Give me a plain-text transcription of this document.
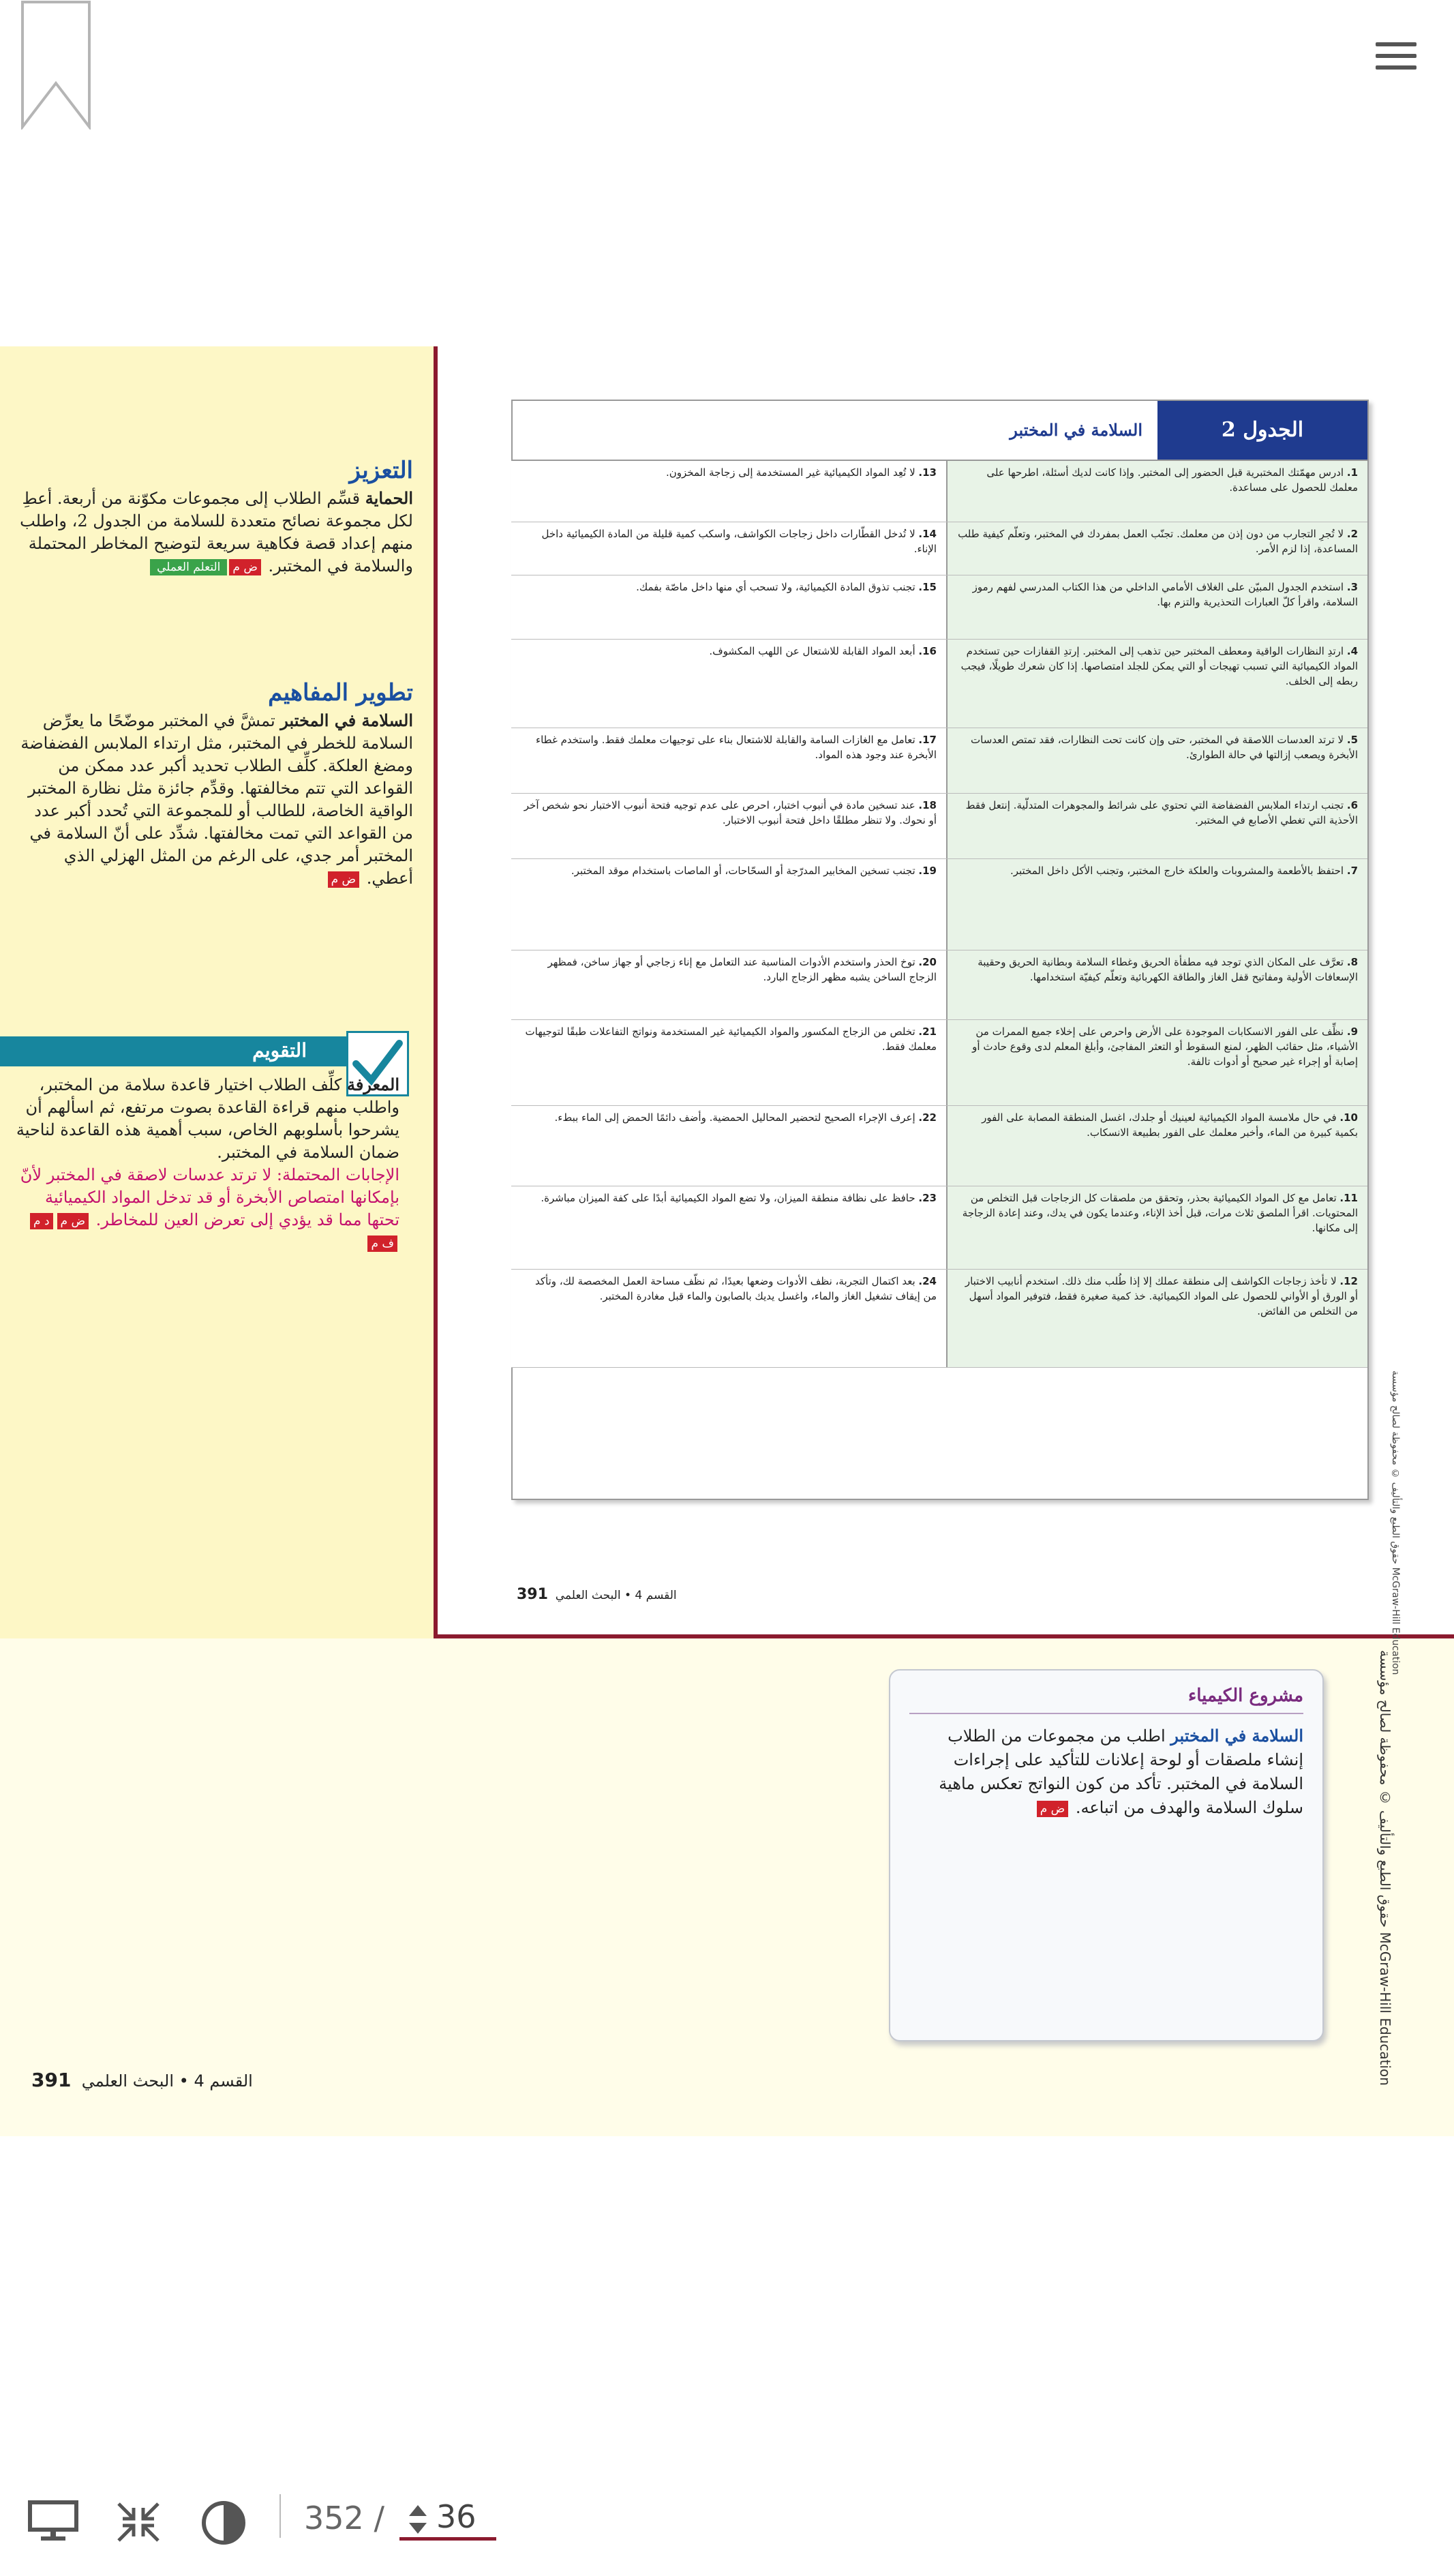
التعزيز

الحماية قسِّم الطلاب إلى مجموعات مكوّنة من أربعة. أعطِ لكل مجموعة نصائح متعددة للسلامة من الجدول 2، واطلب منهم إعداد قصة فكاهية سريعة لتوضيح المخاطر المحتملة والسلامة في المختبر. ض مالتعلم العملي

تطوير المفاهيم

السلامة في المختبر تمشَّ في المختبر موضّحًا ما يعرِّض السلامة للخطر في المختبر، مثل ارتداء الملابس الفضفاضة ومضغ العلكة. كلِّف الطلاب تحديد أكبر عدد ممكن من القواعد التي تتم مخالفتها. وقدِّم جائزة مثل نظارة المختبر الواقية الخاصة، للطالب أو للمجموعة التي تُحدد أكبر عدد من القواعد التي تمت مخالفتها. شدِّد على أنّ السلامة في المختبر أمر جدي، على الرغم من المثل الهزلي الذي أعطي. ض م

التقويم

المعرفة كلِّف الطلاب اختيار قاعدة سلامة من المختبر، واطلب منهم قراءة القاعدة بصوت مرتفع، ثم اسألهم أن يشرحوا بأسلوبهم الخاص، سبب أهمية هذه القاعدة لناحية ضمان السلامة في المختبر.

الإجابات المحتملة: لا ترتد عدسات لاصقة في المختبر لأنّ بإمكانها امتصاص الأبخرة أو قد تدخل المواد الكيميائية تحتها مما قد يؤدي إلى تعرض العين للمخاطر. ض مد مف م

القسم 4 • البحث العلمي  391
القسم 4 • البحث العلمي  391
الجدول 2
السلامة في المختبر
1. ادرس مهمّتك المختبرية قبل الحضور إلى المختبر. وإذا كانت لديك أسئلة، اطرحها على معلمك للحصول على مساعدة.
13. لا تُعِد المواد الكيميائية غير المستخدمة إلى زجاجة المخزون.
2. لا تُجرِ التجارب من دون إذن من معلمك. تجنّب العمل بمفردك في المختبر، وتعلّم كيفية طلب المساعدة، إذا لزم الأمر.
14. لا تُدخل القطّارات داخل زجاجات الكواشف، واسكب كمية قليلة من المادة الكيميائية داخل الإناء.
3. استخدم الجدول المبيّن على الغلاف الأمامي الداخلي من هذا الكتاب المدرسي لفهم رموز السلامة، واقرأ كلّ العبارات التحذيرية والتزم بها.
15. تجنب تذوق المادة الكيميائية، ولا تسحب أي منها داخل ماصّة بفمك.
4. ارتدِ النظارات الواقية ومعطف المختبر حين تذهب إلى المختبر. إرتدِ القفازات حين تستخدم المواد الكيميائية التي تسبب تهيجات أو التي يمكن للجلد امتصاصها. إذا كان شعرك طويلًا، فيجب ربطه إلى الخلف.
16. أبعد المواد القابلة للاشتعال عن اللهب المكشوف.
5. لا ترتد العدسات اللاصقة في المختبر، حتى وإن كانت تحت النظارات، فقد تمتص العدسات الأبخرة ويصعب إزالتها في حالة الطوارئ.
17. تعامل مع الغازات السامة والقابلة للاشتعال بناء على توجيهات معلمك فقط. واستخدم غطاء الأبخرة عند وجود هذه المواد.
6. تجنب ارتداء الملابس الفضفاضة التي تحتوي على شرائط والمجوهرات المتدلّية. إنتعل فقط الأحذية التي تغطي الأصابع في المختبر.
18. عند تسخين مادة في أنبوب اختبار، احرص على عدم توجيه فتحة أنبوب الاختبار نحو شخص آخر أو نحوك. ولا تنظر مطلقًا داخل فتحة أنبوب الاختبار.
7. احتفظ بالأطعمة والمشروبات والعلكة خارج المختبر، وتجنب الأكل داخل المختبر.
19. تجنب تسخين المخابير المدرّجة أو السحّاحات، أو الماصات باستخدام موقد المختبر.
8. تعرَّف على المكان الذي توجد فيه مطفأة الحريق وغطاء السلامة وبطانية الحريق وحقيبة الإسعافات الأولية ومفاتيح قفل الغاز والطاقة الكهربائية وتعلّم كيفيّة استخدامها.
20. توخ الحذر واستخدم الأدوات المناسبة عند التعامل مع إناء زجاجي أو جهاز ساخن، فمظهر الزجاج الساخن يشبه مظهر الزجاج البارد.
9. نظِّف على الفور الانسكابات الموجودة على الأرض واحرص على إخلاء جميع الممرات من الأشياء، مثل حقائب الظهر، لمنع السقوط أو التعثر المفاجئ، وأبلغ المعلم لدى وقوع حادث أو إصابة أو إجراء غير صحيح أو أدوات تالفة.
21. تخلص من الزجاج المكسور والمواد الكيميائية غير المستخدمة ونواتج التفاعلات طبقًا لتوجيهات معلمك فقط.
10. في حال ملامسة المواد الكيميائية لعينيك أو جلدك، اغسل المنطقة المصابة على الفور بكمية كبيرة من الماء، وأخبر معلمك على الفور بطبيعة الانسكاب.
22. إعرف الإجراء الصحيح لتحضير المحاليل الحمضية. وأضف دائمًا الحمض إلى الماء ببطء.
11. تعامل مع كل المواد الكيميائية بحذر، وتحقق من ملصقات كل الزجاجات قبل التخلص من المحتويات. اقرأ الملصق ثلاث مرات، قبل أخذ الإناء، وعندما يكون في يدك، وعند إعادة الزجاجة إلى مكانها.
23. حافظ على نظافة منطقة الميزان، ولا تضع المواد الكيميائية أبدًا على كفة الميزان مباشرة.
12. لا تأخذ زجاجات الكواشف إلى منطقة عملك إلا إذا طُلب منك ذلك. استخدم أنابيب الاختبار أو الورق أو الأواني للحصول على المواد الكيميائية. خذ كمية صغيرة فقط، فتوفير المواد أسهل من التخلص من الفائض.
24. بعد اكتمال التجربة، نظف الأدوات وضعها بعيدًا، ثم نظّف مساحة العمل المخصصة لك، وتأكد من إيقاف تشغيل الغاز والماء، واغسل يديك بالصابون والماء قبل مغادرة المختبر.
حقوق الطبع والتأليف © محفوظة لصالح مؤسسة McGraw-Hill Education
حقوق الطبع والتأليف © محفوظة لصالح مؤسسة McGraw-Hill Education
مشروع الكيمياء

السلامة في المختبر اطلب من مجموعات من الطلاب إنشاء ملصقات أو لوحة إعلانات للتأكيد على إجراءات السلامة في المختبر. تأكد من كون النواتج تعكس ماهية سلوك السلامة والهدف من اتباعه. ض م

352 /
36
